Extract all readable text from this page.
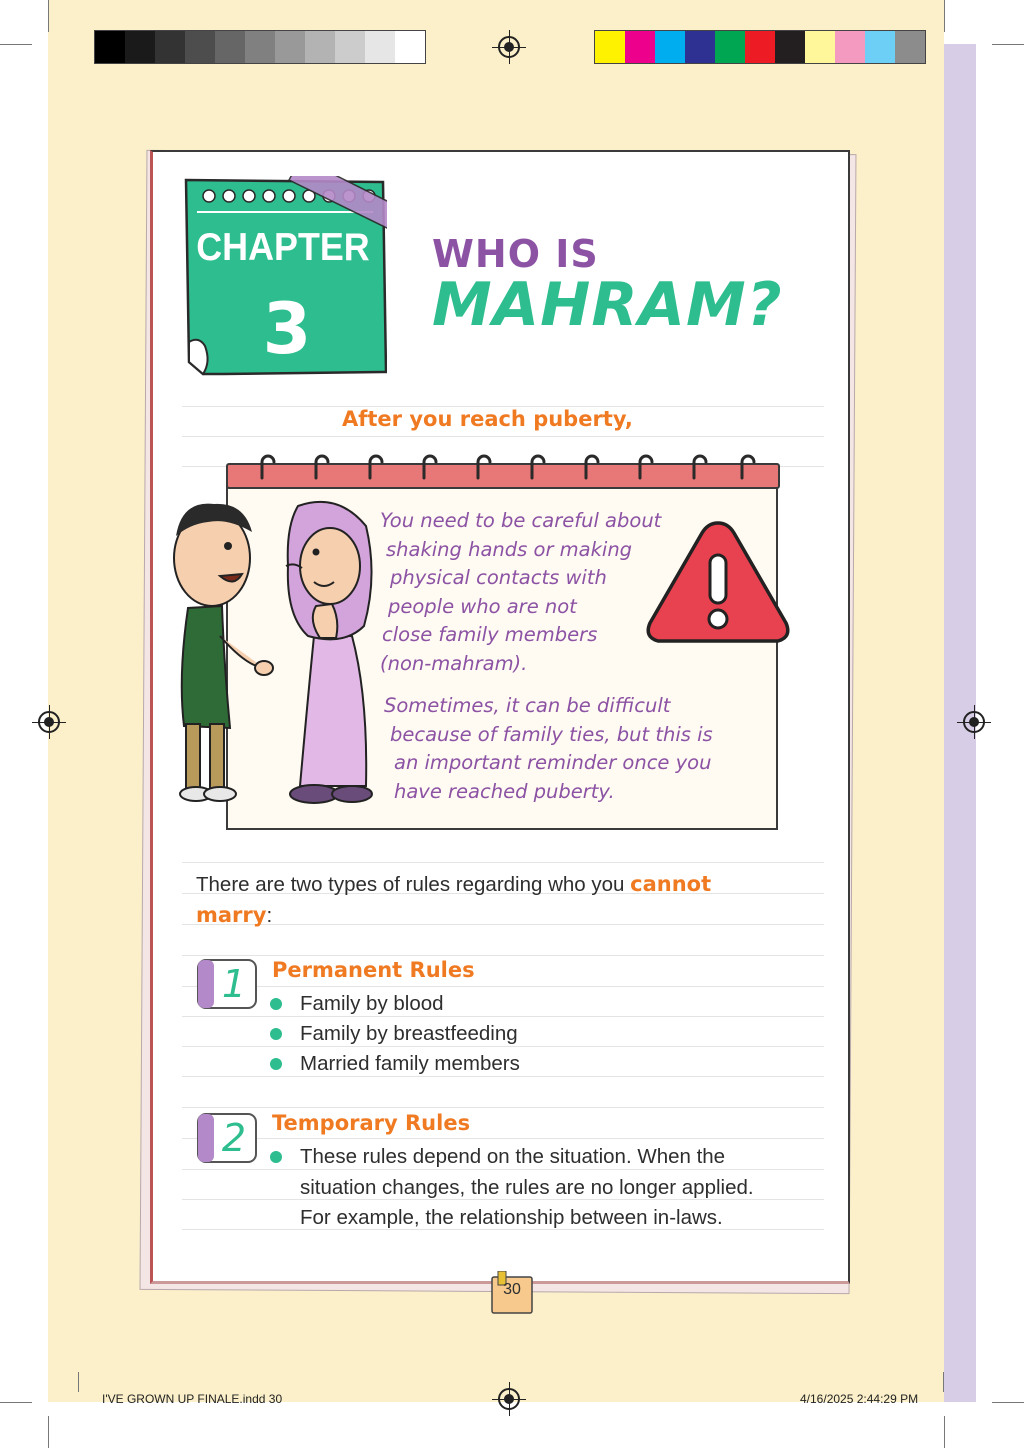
CHAPTER
3
WHO IS
MAHRAM?
After you reach puberty,
You need to be careful about
shaking hands or making
physical contacts with
people who are not
close family members
(non-mahram).
Sometimes, it can be difficult
because of family ties, but this is
an important reminder once you
have reached puberty.
There are two types of rules regarding who you cannot
marry:
1	Permanent Rules
Family by blood
Family by breastfeeding
Married family members
2	Temporary Rules
These rules depend on the situation. When the
situation changes, the rules are no longer applied.
For example, the relationship between in-laws.
30
I'VE GROWN UP FINALE.indd 30	4/16/2025 2:44:29 PM
